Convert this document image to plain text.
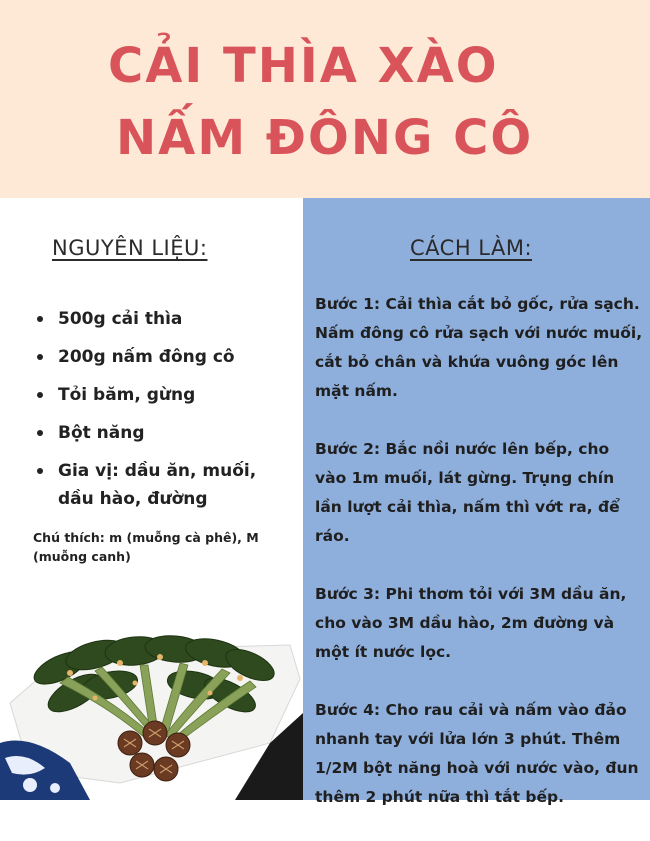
CẢI THÌA XÀO
NẤM ĐÔNG CÔ
NGUYÊN LIỆU:
500g cải thìa
200g nấm đông cô
Tỏi băm, gừng
Bột năng
Gia vị: dầu ăn, muối, dầu hào, đường
Chú thích: m (muỗng cà phê), M (muỗng canh)
CÁCH LÀM:

Bước 1: Cải thìa cắt bỏ gốc, rửa sạch. Nấm đông cô rửa sạch với nước muối, cắt bỏ chân và khứa vuông góc lên mặt nấm.

Bước 2: Bắc nồi nước lên bếp, cho vào 1m muối, lát gừng. Trụng chín lần lượt cải thìa, nấm thì vớt ra, để ráo.

Bước 3: Phi thơm tỏi với 3M dầu ăn, cho vào 3M dầu hào, 2m đường và một ít nước lọc.

Bước 4: Cho rau cải và nấm vào đảo nhanh tay với lửa lớn 3 phút. Thêm 1/2M bột năng hoà với nước vào, đun thêm 2 phút nữa thì tắt bếp.
